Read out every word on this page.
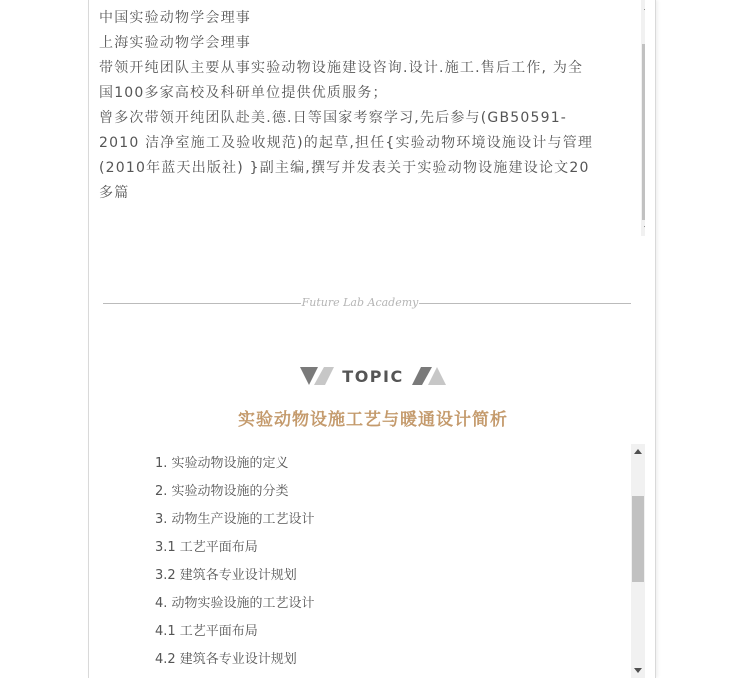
中国实验动物学会理事
上海实验动物学会理事
带领开纯团队主要从事实验动物设施建设咨询.设计.施工.售后工作, 为全
国100多家高校及科研单位提供优质服务；
曾多次带领开纯团队赴美.德.日等国家考察学习,先后参与(GB50591-
2010 洁净室施工及验收规范)的起草,担任{实验动物环境设施设计与管理
(2010年蓝天出版社) }副主编,撰写并发表关于实验动物设施建设论文20
多篇
Future Lab Academy
TOPIC
实验动物设施工艺与暖通设计简析
1. 实验动物设施的定义
2. 实验动物设施的分类
3. 动物生产设施的工艺设计
3.1 工艺平面布局
3.2 建筑各专业设计规划
4. 动物实验设施的工艺设计
4.1 工艺平面布局
4.2 建筑各专业设计规划
